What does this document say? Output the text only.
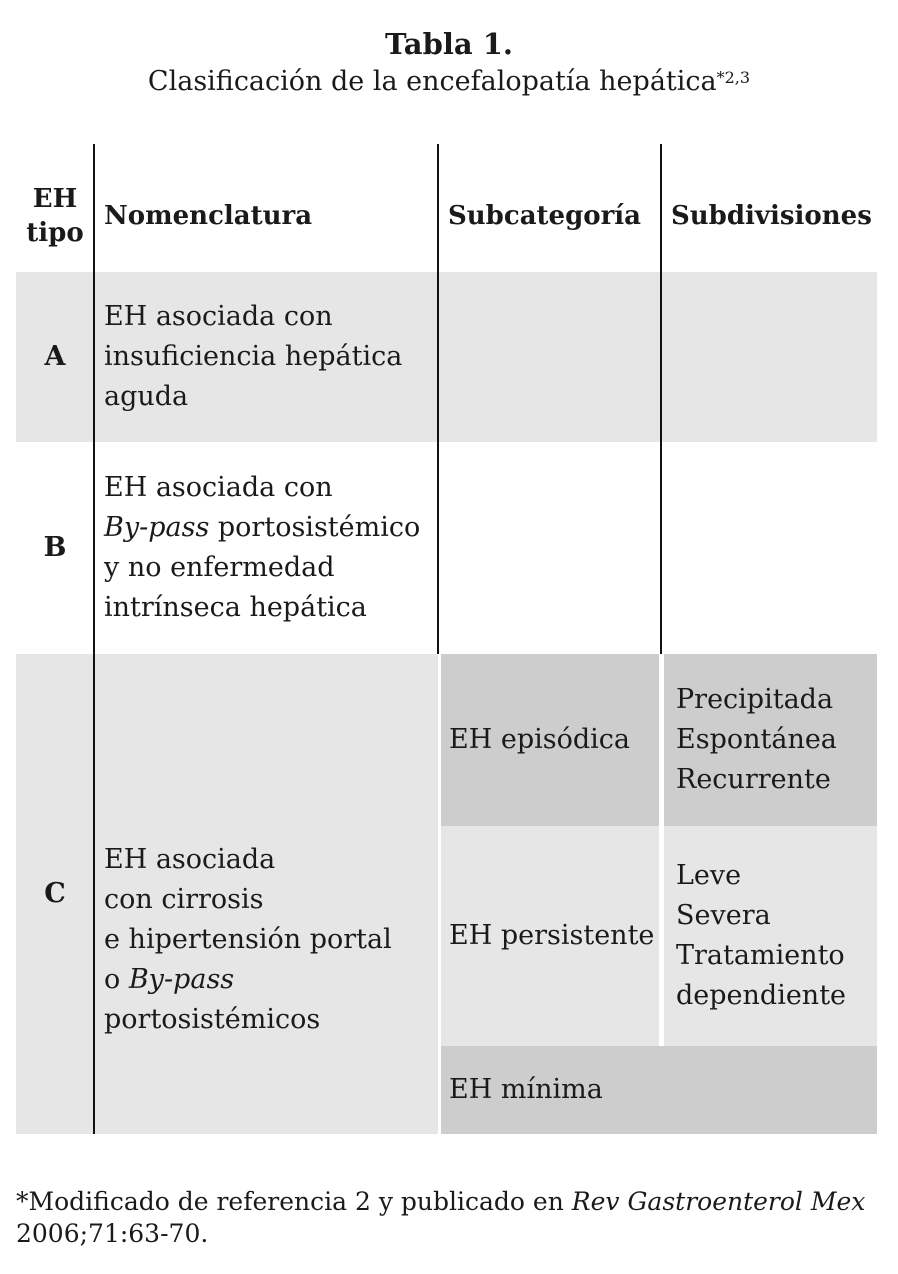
Tabla 1.
Clasificación de la encefalopatía hepática$^{*2,3}$
EH
tipo
Nomenclatura	Subcategoría	Subdivisiones
A
EH asociada con
insuficiencia hepática
aguda
B
EH asociada con
By-pass portosistémico
y no enfermedad
intrínseca hepática
C
EH asociada
con cirrosis
e hipertensión portal
o By-pass
portosistémicos
EH episódica
Precipitada
Espontánea
Recurrente
EH persistente
Leve
Severa
Tratamiento
dependiente
EH mínima
*Modificado de referencia 2 y publicado en Rev Gastroenterol Mex
2006;71:63-70.
